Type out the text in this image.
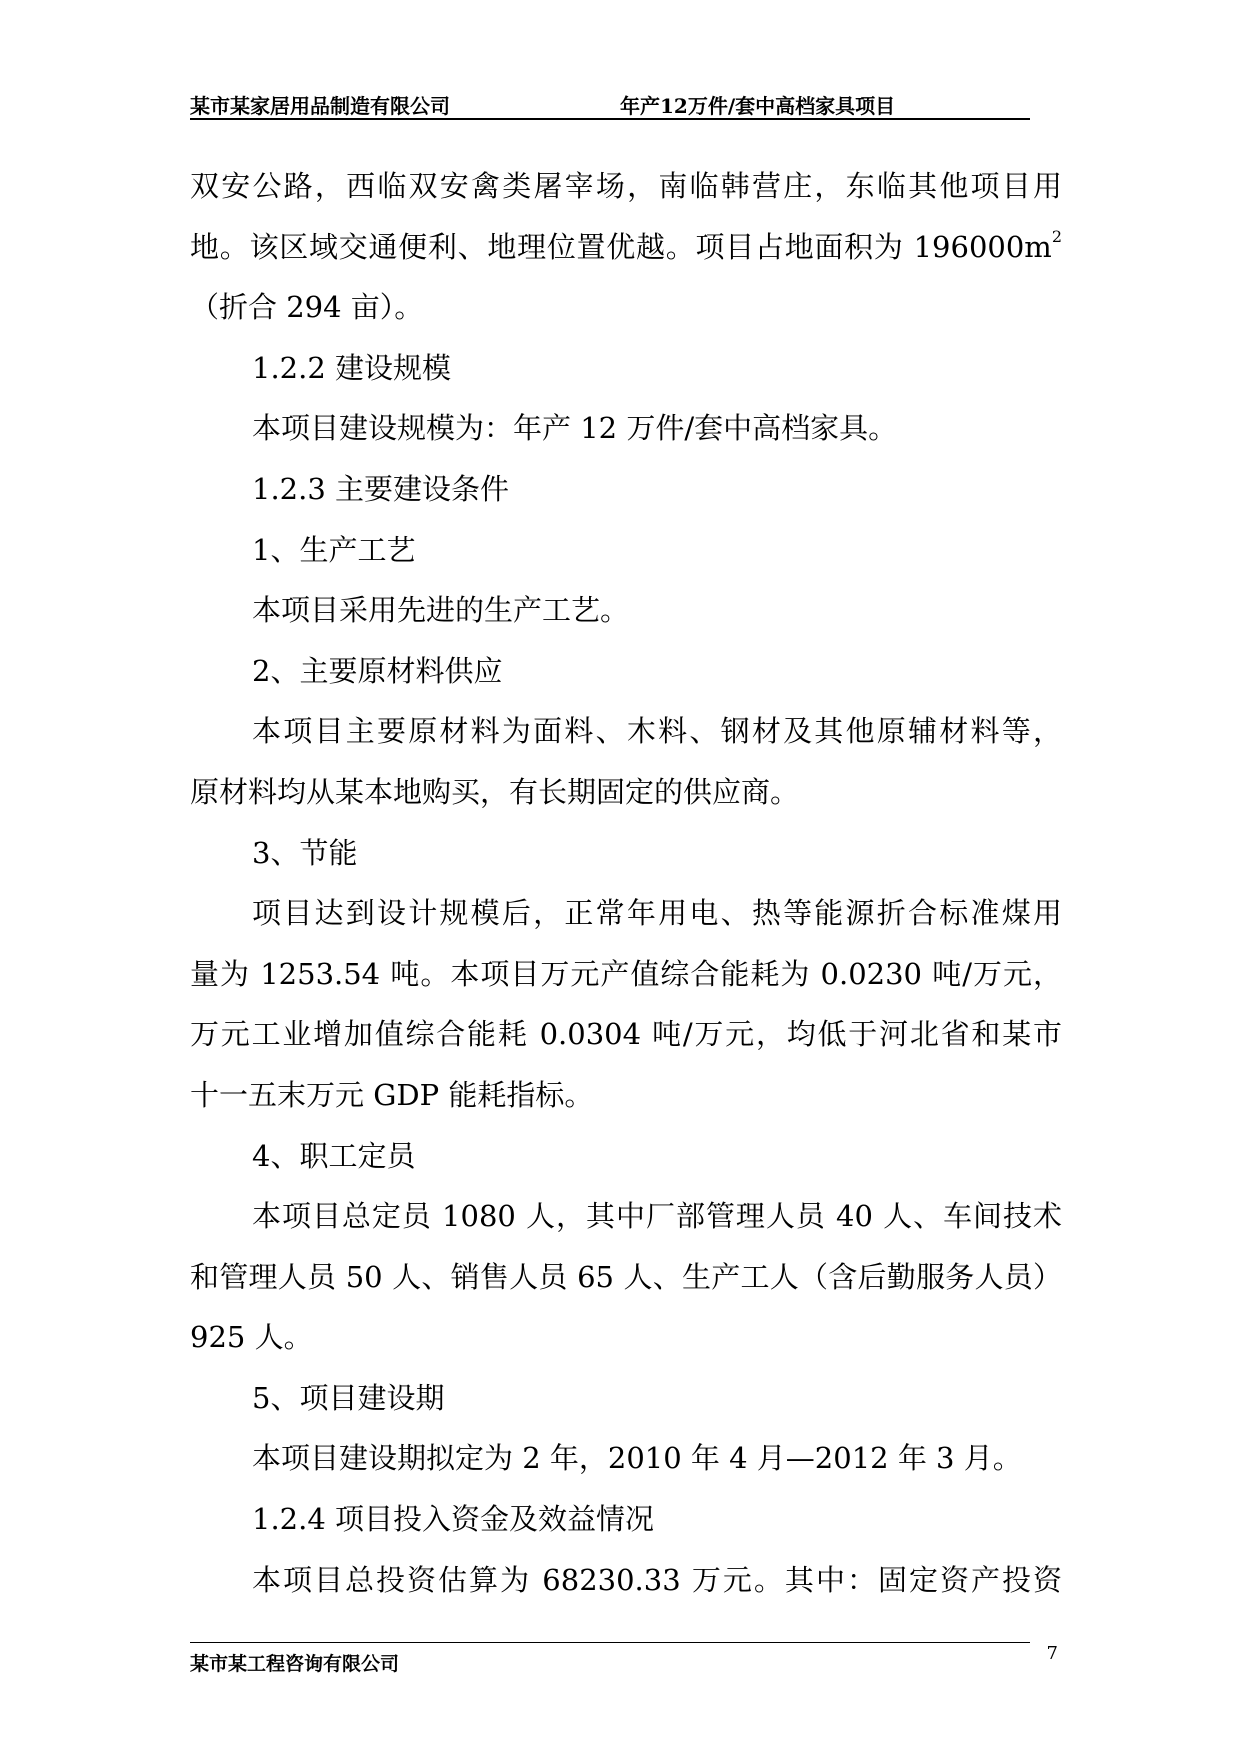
某市某家居用品制造有限公司	年产12万件/套中高档家具项目
双安公路，西临双安禽类屠宰场，南临韩营庄，东临其他项目用
地。该区域交通便利、地理位置优越。项目占地面积为 $196000m^2$
（折合 294 亩）。
1.2.2 建设规模
本项目建设规模为：年产 12 万件/套中高档家具。
1.2.3 主要建设条件
1、生产工艺
本项目采用先进的生产工艺。
2、主要原材料供应
本项目主要原材料为面料、木料、钢材及其他原辅材料等，
原材料均从某本地购买，有长期固定的供应商。
3、节能
项目达到设计规模后，正常年用电、热等能源折合标准煤用
量为 1253.54 吨。本项目万元产值综合能耗为 0.0230 吨/万元，
万元工业增加值综合能耗 0.0304 吨/万元，均低于河北省和某市
十一五末万元 GDP 能耗指标。
4、职工定员
本项目总定员 1080 人，其中厂部管理人员 40 人、车间技术
和管理人员 50 人、销售人员 65 人、生产工人（含后勤服务人员）
925 人。
5、项目建设期
本项目建设期拟定为 2 年，2010 年 4 月—2012 年 3 月。
1.2.4 项目投入资金及效益情况
本项目总投资估算为 68230.33 万元。其中：固定资产投资
某市某工程咨询有限公司	7
